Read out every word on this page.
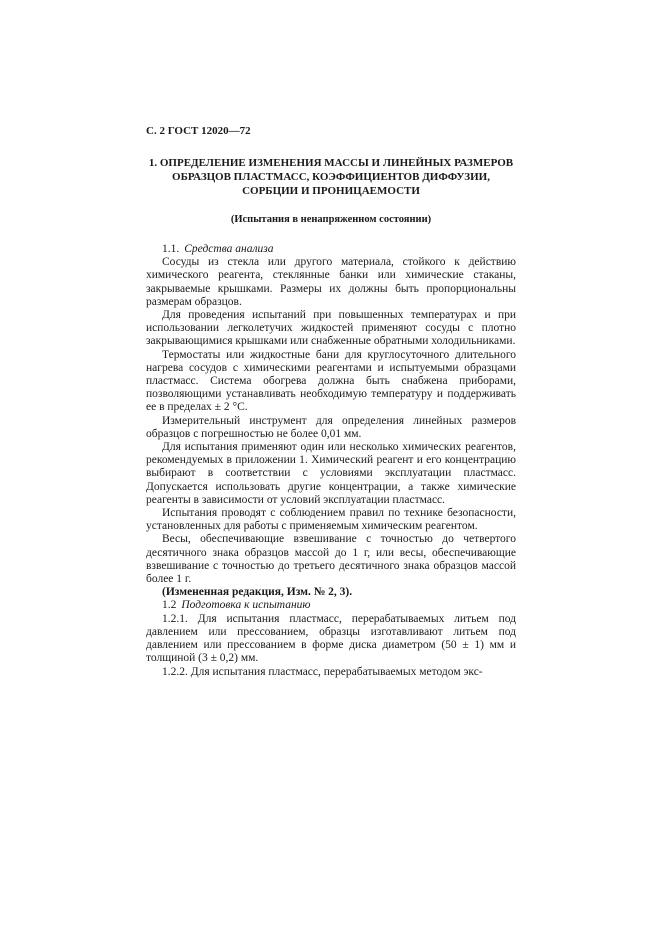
С. 2 ГОСТ 12020—72
1. ОПРЕДЕЛЕНИЕ ИЗМЕНЕНИЯ МАССЫ И ЛИНЕЙНЫХ РАЗМЕРОВ ОБРАЗЦОВ ПЛАСТМАСС, КОЭФФИЦИЕНТОВ ДИФФУЗИИ, СОРБЦИИ И ПРОНИЦАЕМОСТИ
(Испытания в ненапряженном состоянии)

1.1. Средства анализа

Сосуды из стекла или другого материала, стойкого к действию химического реагента, стеклянные банки или химические стаканы, закрываемые крышками. Размеры их должны быть пропорциональны размерам образцов.

Для проведения испытаний при повышенных температурах и при использовании легколетучих жидкостей применяют сосуды с плотно закрывающимися крышками или снабженные обратными холодильниками.

Термостаты или жидкостные бани для круглосуточного длительного нагрева сосудов с химическими реагентами и испытуемыми образцами пластмасс. Система обогрева должна быть снабжена приборами, позволяющими устанавливать необходимую температуру и поддерживать ее в пределах ± 2 °С.

Измерительный инструмент для определения линейных размеров образцов с погрешностью не более 0,01 мм.

Для испытания применяют один или несколько химических реагентов, рекомендуемых в приложении 1. Химический реагент и его концентрацию выбирают в соответствии с условиями эксплуатации пластмасс. Допускается использовать другие концентрации, а также химические реагенты в зависимости от условий эксплуатации пластмасс.

Испытания проводят с соблюдением правил по технике безопасности, установленных для работы с применяемым химическим реагентом.

Весы, обеспечивающие взвешивание с точностью до четвертого десятичного знака образцов массой до 1 г, или весы, обеспечивающие взвешивание с точностью до третьего десятичного знака образцов массой более 1 г.

(Измененная редакция, Изм. № 2, 3).

1.2 Подготовка к испытанию

1.2.1. Для испытания пластмасс, перерабатываемых литьем под давлением или прессованием, образцы изготавливают литьем под давлением или прессованием в форме диска диаметром (50 ± 1) мм и толщиной (3 ± 0,2) мм.

1.2.2. Для испытания пластмасс, перерабатываемых методом экс-
